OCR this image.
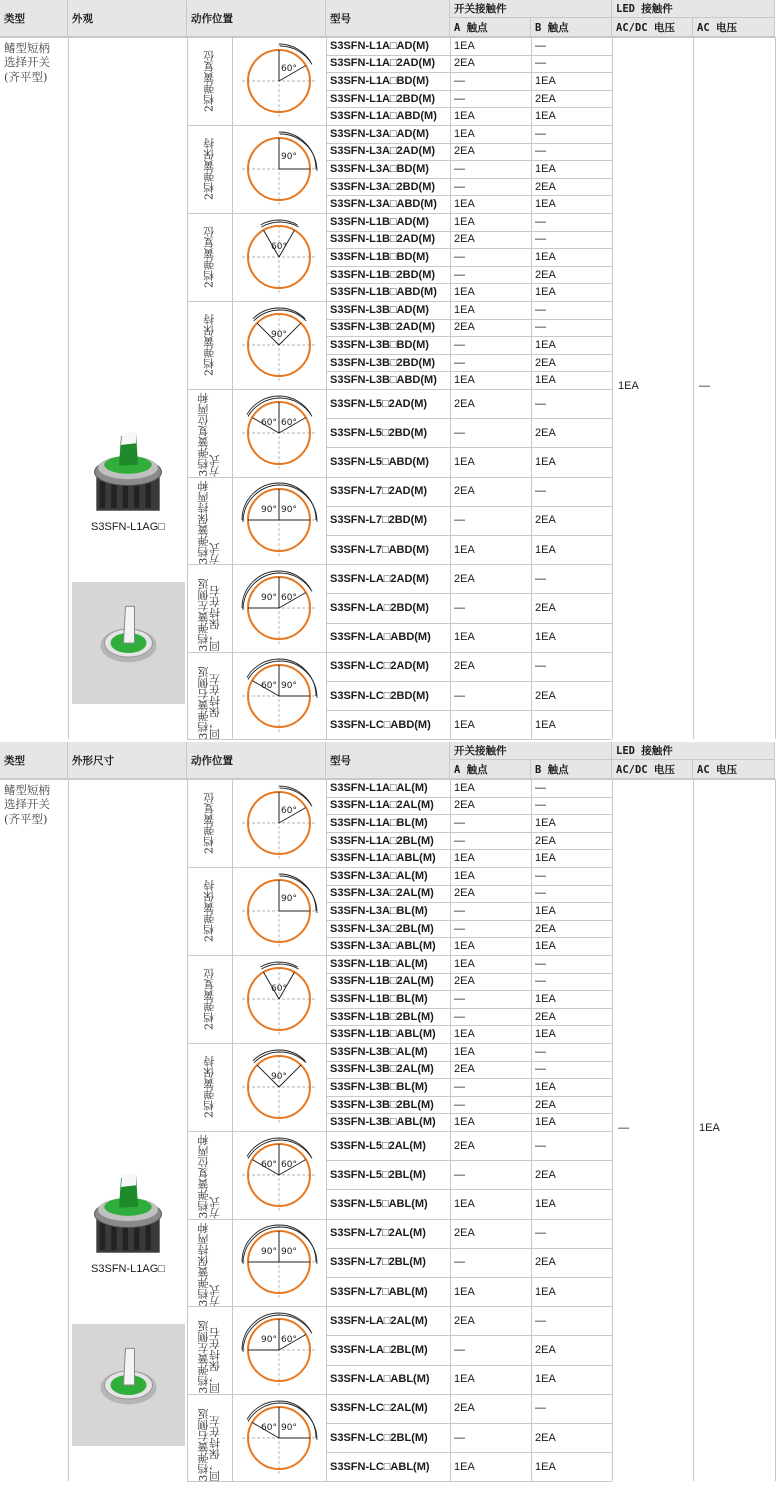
类型	外观	动作位置	型号
开关接触件
A 触点	B 触点
LED 接触件
AC/DC 电压	AC 电压
2档弹簧复位	60°
S3SFN-L1A□AD(M)	1EA	—
S3SFN-L1A□2AD(M)	2EA	—
S3SFN-L1A□BD(M)	—	1EA
S3SFN-L1A□2BD(M)	—	2EA
S3SFN-L1A□ABD(M)	1EA	1EA
2档弹簧保持	90°
S3SFN-L3A□AD(M)	1EA	—
S3SFN-L3A□2AD(M)	2EA	—
S3SFN-L3A□BD(M)	—	1EA
S3SFN-L3A□2BD(M)	—	2EA
S3SFN-L3A□ABD(M)	1EA	1EA
2档弹簧复位	60°
S3SFN-L1B□AD(M)	1EA	—
S3SFN-L1B□2AD(M)	2EA	—
S3SFN-L1B□BD(M)	—	1EA
S3SFN-L1B□2BD(M)	—	2EA
S3SFN-L1B□ABD(M)	1EA	1EA
2档弹簧保持	90°
S3SFN-L3B□AD(M)	1EA	—
S3SFN-L3B□2AD(M)	2EA	—
S3SFN-L3B□BD(M)	—	1EA
S3SFN-L3B□2BD(M)	—	2EA
S3SFN-L3B□ABD(M)	1EA	1EA
3档弹簧复位两种方式
60° 60°
S3SFN-L5□2AD(M)	2EA	—
S3SFN-L5□2BD(M)	—	2EA
S3SFN-L5□ABD(M)	1EA	1EA
3档弹簧保持两种方式
90° 90°
S3SFN-L7□2AD(M)	2EA	—
S3SFN-L7□2BD(M)	—	2EA
S3SFN-L7□ABD(M)	1EA	1EA
3档弹簧左侧返回，保持在右	90° 60°
S3SFN-LA□2AD(M)	2EA	—
S3SFN-LA□2BD(M)	—	2EA
S3SFN-LA□ABD(M)	1EA	1EA
3档弹簧右侧返回，保持在左	60° 90°
S3SFN-LC□2AD(M)	2EA	—
S3SFN-LC□2BD(M)	—	2EA
S3SFN-LC□ABD(M)	1EA	1EA
鳍型短柄
选择开关
(齐平型)
1EA	—
S3SFN-L1AG□
类型	外形尺寸	动作位置	型号
开关接触件
A 触点	B 触点
LED 接触件
AC/DC 电压	AC 电压
2档弹簧复位	60°
S3SFN-L1A□AL(M)	1EA	—
S3SFN-L1A□2AL(M)	2EA	—
S3SFN-L1A□BL(M)	—	1EA
S3SFN-L1A□2BL(M)	—	2EA
S3SFN-L1A□ABL(M)	1EA	1EA
2档弹簧保持	90°
S3SFN-L3A□AL(M)	1EA	—
S3SFN-L3A□2AL(M)	2EA	—
S3SFN-L3A□BL(M)	—	1EA
S3SFN-L3A□2BL(M)	—	2EA
S3SFN-L3A□ABL(M)	1EA	1EA
2档弹簧复位	60°
S3SFN-L1B□AL(M)	1EA	—
S3SFN-L1B□2AL(M)	2EA	—
S3SFN-L1B□BL(M)	—	1EA
S3SFN-L1B□2BL(M)	—	2EA
S3SFN-L1B□ABL(M)	1EA	1EA
2档弹簧保持	90°
S3SFN-L3B□AL(M)	1EA	—
S3SFN-L3B□2AL(M)	2EA	—
S3SFN-L3B□BL(M)	—	1EA
S3SFN-L3B□2BL(M)	—	2EA
S3SFN-L3B□ABL(M)	1EA	1EA
3档弹簧复位两种方式
60° 60°
S3SFN-L5□2AL(M)	2EA	—
S3SFN-L5□2BL(M)	—	2EA
S3SFN-L5□ABL(M)	1EA	1EA
3档弹簧保持两种方式
90° 90°
S3SFN-L7□2AL(M)	2EA	—
S3SFN-L7□2BL(M)	—	2EA
S3SFN-L7□ABL(M)	1EA	1EA
3档弹簧左侧返回，保持在右	90° 60°
S3SFN-LA□2AL(M)	2EA	—
S3SFN-LA□2BL(M)	—	2EA
S3SFN-LA□ABL(M)	1EA	1EA
3档弹簧右侧返回，保持在左	60° 90°
S3SFN-LC□2AL(M)	2EA	—
S3SFN-LC□2BL(M)	—	2EA
S3SFN-LC□ABL(M)	1EA	1EA
鳍型短柄
选择开关
(齐平型)
—	1EA
S3SFN-L1AG□
